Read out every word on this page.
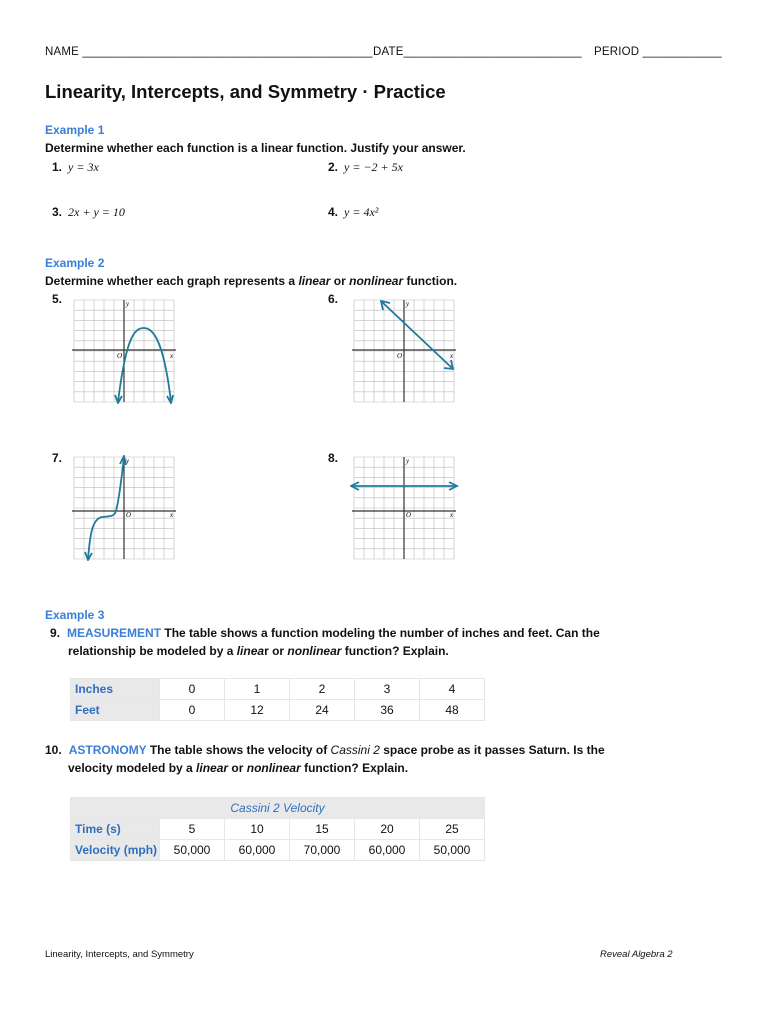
NAME ____________________________________________ DATE___________________________ PERIOD ____________
Linearity, Intercepts, and Symmetry · Practice
Example 1
Determine whether each function is a linear function. Justify your answer.
1. y = 3x	2. y = −2 + 5x
3. 2x + y = 10	4. y = 4x²
Example 2
Determine whether each graph represents a linear or nonlinear function.
5.	6.
7.	8.
y
x
O
y
x
O
y
x
O
y
x
O
Example 3
9. MEASUREMENT The table shows a function modeling the number of inches and feet. Can the
relationship be modeled by a linear or nonlinear function? Explain.
Inches	0	1	2	3	4
Feet	0	12	24	36	48
10. ASTRONOMY The table shows the velocity of Cassini 2 space probe as it passes Saturn. Is the
velocity modeled by a linear or nonlinear function? Explain.
Cassini 2 Velocity					
Time (s)	5	10	15	20	25
Velocity (mph)	50,000	60,000	70,000	60,000	50,000
Linearity, Intercepts, and Symmetry	Reveal Algebra 2
